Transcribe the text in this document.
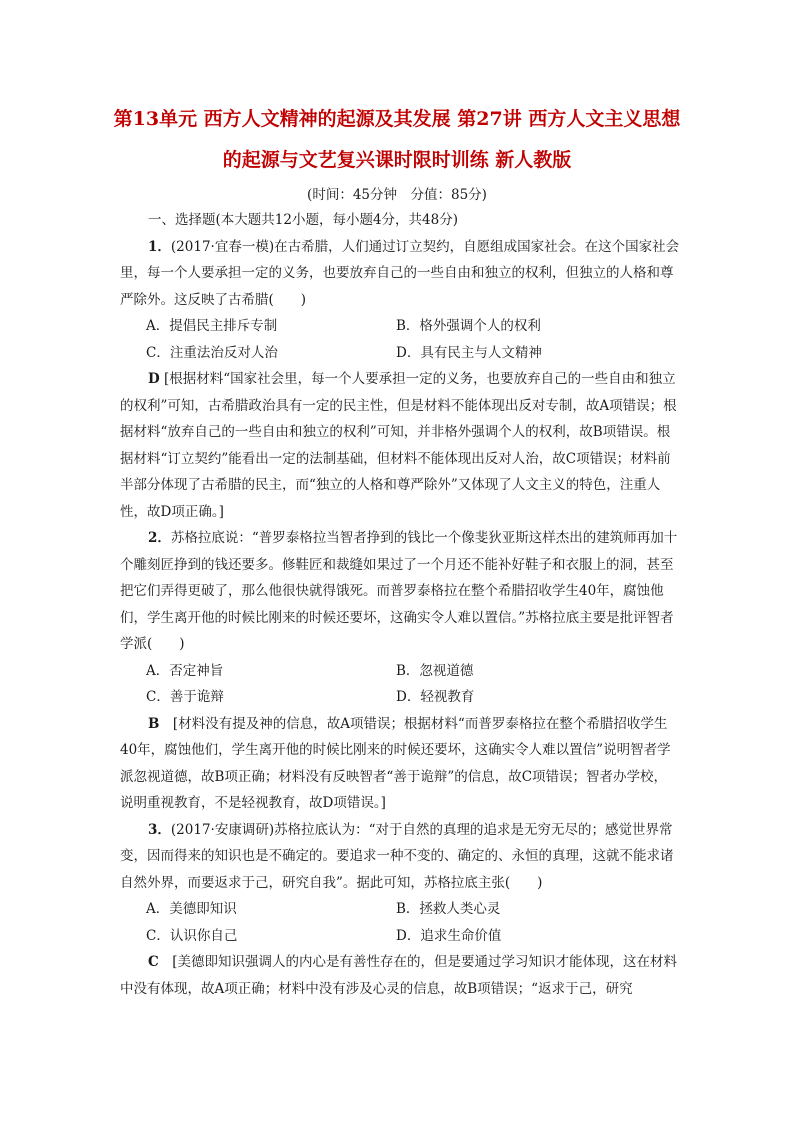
第13单元 西方人文精神的起源及其发展 第27讲 西方人文主义思想

的起源与文艺复兴课时限时训练 新人教版

(时间：45分钟　分值：85分)

一、选择题(本大题共12小题，每小题4分，共48分)

1．(2017·宜春一模)在古希腊，人们通过订立契约，自愿组成国家社会。在这个国家社会里，每一个人要承担一定的义务，也要放弃自己的一些自由和独立的权利，但独立的人格和尊严除外。这反映了古希腊(　　)

A．提倡民主排斥专制	B．格外强调个人的权利
C．注重法治反对人治	D．具有民主与人文精神

D [根据材料“国家社会里，每一个人要承担一定的义务，也要放弃自己的一些自由和独立的权利”可知，古希腊政治具有一定的民主性，但是材料不能体现出反对专制，故A项错误；根据材料“放弃自己的一些自由和独立的权利”可知，并非格外强调个人的权利，故B项错误。根据材料“订立契约”能看出一定的法制基础，但材料不能体现出反对人治，故C项错误；材料前半部分体现了古希腊的民主，而“独立的人格和尊严除外”又体现了人文主义的特色，注重人性，故D项正确。]

2．苏格拉底说：“普罗泰格拉当智者挣到的钱比一个像斐狄亚斯这样杰出的建筑师再加十个雕刻匠挣到的钱还要多。修鞋匠和裁缝如果过了一个月还不能补好鞋子和衣服上的洞，甚至把它们弄得更破了，那么他很快就得饿死。而普罗泰格拉在整个希腊招收学生40年，腐蚀他们，学生离开他的时候比刚来的时候还要坏，这确实令人难以置信。”苏格拉底主要是批评智者学派(　　)

A．否定神旨	B．忽视道德
C．善于诡辩	D．轻视教育

B　[材料没有提及神的信息，故A项错误；根据材料“而普罗泰格拉在整个希腊招收学生40年，腐蚀他们，学生离开他的时候比刚来的时候还要坏，这确实令人难以置信”说明智者学派忽视道德，故B项正确；材料没有反映智者“善于诡辩”的信息，故C项错误；智者办学校，说明重视教育，不是轻视教育，故D项错误。]

3．(2017·安康调研)苏格拉底认为：“对于自然的真理的追求是无穷无尽的；感觉世界常变，因而得来的知识也是不确定的。要追求一种不变的、确定的、永恒的真理，这就不能求诸自然外界，而要返求于己，研究自我”。据此可知，苏格拉底主张(　　)

A．美德即知识	B．拯救人类心灵
C．认识你自己	D．追求生命价值

C　[美德即知识强调人的内心是有善性存在的，但是要通过学习知识才能体现，这在材料中没有体现，故A项正确；材料中没有涉及心灵的信息，故B项错误；“返求于己，研究
